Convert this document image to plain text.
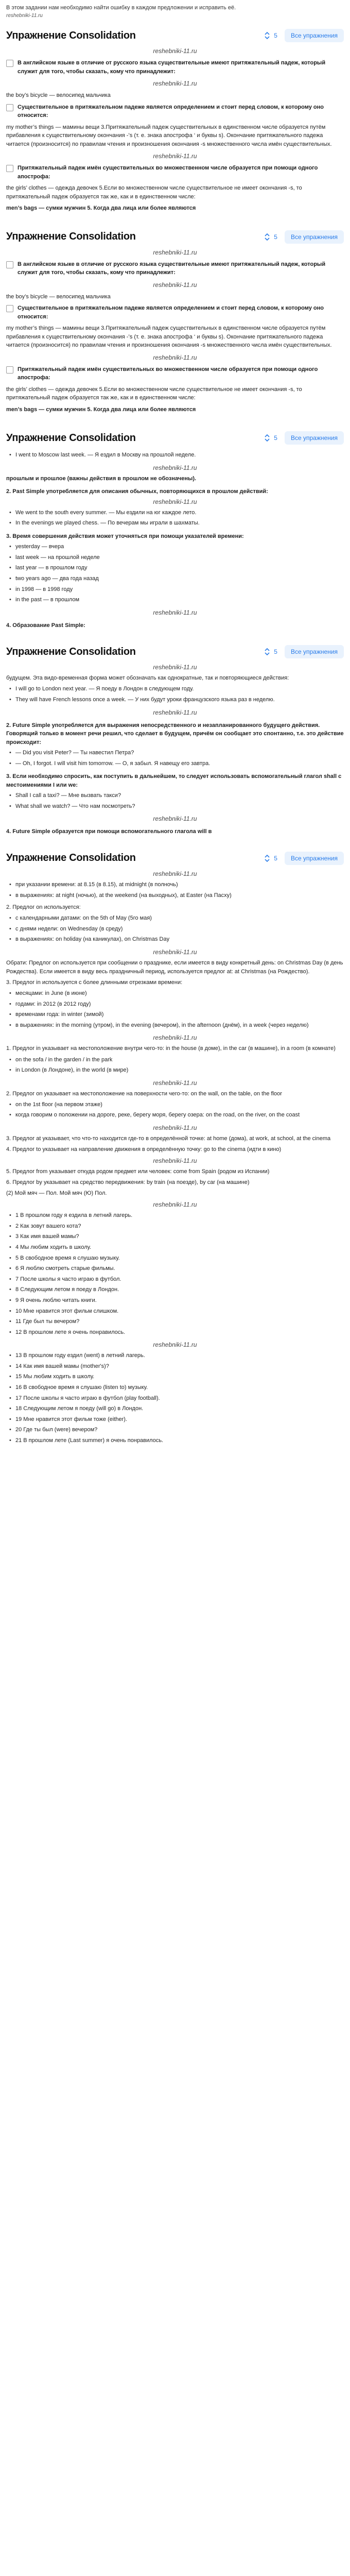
В этом задании нам необходимо найти ошибку в каждом предложении и исправить её.
reshebniki-11.ru
Упражнение Consolidation	5	Все упражнения
reshebniki-11.ru
В английском языке в отличие от русского языка существительные имеют притяжательный падеж, который служит для того, чтобы сказать, кому что принадлежит:
reshebniki-11.ru
the boy’s bicycle — велосипед мальчика
Существительное в притяжательном падеже является определением и стоит перед словом, к которому оно относится:
my mother’s things — мамины вещи 3.Притяжательный падеж существительных в единственном числе образуется путём прибавления к существительному окончания -’s (т. е. знака апострофа ‘ и буквы s). Окончание притяжательного падежа читается (произносится) по правилам чтения и произношения окончания -s множественного числа имён существительных.
reshebniki-11.ru
Притяжательный падеж имён существительных во множественном числе образуется при помощи одного апострофа:
the girls’ clothes — одежда девочек 5.Если во множественном числе существительное не имеет окончания -s, то притяжательный падеж образуется так же, как и в единственном числе:
men’s bags — сумки мужчин 5. Когда два лица или более являются
Упражнение Consolidation	5	Все упражнения
reshebniki-11.ru
В английском языке в отличие от русского языка существительные имеют притяжательный падеж, который служит для того, чтобы сказать, кому что принадлежит:
reshebniki-11.ru
the boy’s bicycle — велосипед мальчика
Существительное в притяжательном падеже является определением и стоит перед словом, к которому оно относится:
my mother’s things — мамины вещи 3.Притяжательный падеж существительных в единственном числе образуется путём прибавления к существительному окончания -’s (т. е. знака апострофа ‘ и буквы s). Окончание притяжательного падежа читается (произносится) по правилам чтения и произношения окончания -s множественного числа имён существительных.
reshebniki-11.ru
Притяжательный падеж имён существительных во множественном числе образуется при помощи одного апострофа:
the girls’ clothes — одежда девочек 5.Если во множественном числе существительное не имеет окончания -s, то притяжательный падеж образуется так же, как и в единственном числе:
men’s bags — сумки мужчин 5. Когда два лица или более являются
Упражнение Consolidation	5	Все упражнения
• I went to Moscow last week. — Я ездил в Москву на прошлой неделе.
reshebniki-11.ru
прошлым и прошлое (важны действия в прошлом не обозначены).
2. Past Simple употребляется для описания обычных, повторяющихся в прошлом действий:
reshebniki-11.ru
• We went to the south every summer. — Мы ездили на юг каждое лето.
• In the evenings we played chess. — По вечерам мы играли в шахматы.
3. Время совершения действия может уточняться при помощи указателей времени:
• yesterday — вчера
• last week — на прошлой неделе
• last year — в прошлом году
• two years ago — два года назад
• in 1998 — в 1998 году
• in the past — в прошлом
reshebniki-11.ru
4. Образование Past Simple:
Упражнение Consolidation	5	Все упражнения
reshebniki-11.ru
будущем. Эта видо-временная форма может обозначать как однократные, так и повторяющиеся действия:
• I will go to London next year. — Я поеду в Лондон в следующем году.
• They will have French lessons once a week. — У них будут уроки французского языка раз в неделю.
reshebniki-11.ru
2. Future Simple употребляется для выражения непосредственного и незапланированного будущего действия. Говорящий только в момент речи решил, что сделает в будущем, причём он сообщает это спонтанно, т.е. это действие происходит:
• — Did you visit Peter? — Ты навестил Петра?
• — Oh, I forgot. I will visit him tomorrow. — О, я забыл. Я навещу его завтра.
3. Если необходимо спросить, как поступить в дальнейшем, то следует использовать вспомогательный глагол shall с местоимениями I или we:
• Shall I call a taxi? — Мне вызвать такси?
• What shall we watch? — Что нам посмотреть?
reshebniki-11.ru
4. Future Simple образуется при помощи вспомогательного глагола will в
Упражнение Consolidation	5	Все упражнения
reshebniki-11.ru
• при указании времени: at 8.15 (в 8.15), at midnight (в полночь)
• в выражениях: at night (ночью), at the weekend (на выходных), at Easter (на Пасху)
2. Предлог on используется:
• с календарными датами: on the 5th of May (5го мая)
• с днями недели: on Wednesday (в среду)
• в выражениях: on holiday (на каникулах), on Christmas Day
reshebniki-11.ru
Обрати: Предлог on используется при сообщении о празднике, если имеется в виду конкретный день: on Christmas Day (в день Рождества). Если имеется в виду весь праздничный период, используется предлог at: at Christmas (на Рождество).
3. Предлог in используется с более длинными отрезками времени:
• месяцами: in June (в июне)
• годами: in 2012 (в 2012 году)
• временами года: in winter (зимой)
• в выражениях: in the morning (утром), in the evening (вечером), in the afternoon (днём), in a week (через неделю)
reshebniki-11.ru
1. Предлог in указывает на местоположение внутри чего-то: in the house (в доме), in the car (в машине), in a room (в комнате)
• on the sofa / in the garden / in the park
• in London (в Лондоне), in the world (в мире)
reshebniki-11.ru
2. Предлог on указывает на местоположение на поверхности чего-то: on the wall, on the table, on the floor
• on the 1st floor (на первом этаже)
• когда говорим о положении на дороге, реке, берегу моря, берегу озера: on the road, on the river, on the coast
reshebniki-11.ru
3. Предлог at указывает, что что-то находится где-то в определённой точке: at home (дома), at work, at school, at the cinema
4. Предлог to указывает на направление движения в определённую точку: go to the cinema (идти в кино)
reshebniki-11.ru
5. Предлог from указывает откуда родом предмет или человек: come from Spain (родом из Испании)
6. Предлог by указывает на средство передвижения: by train (на поезде), by car (на машине)
(2) Мой мяч — Пол. Мой мяч (Ю) Пол.
reshebniki-11.ru
• 1 В прошлом году я ездила в летний лагерь.
• 2 Как зовут вашего кота?
• 3 Как имя вашей мамы?
• 4 Мы любим ходить в школу.
• 5 В свободное время я слушаю музыку.
• 6 Я люблю смотреть старые фильмы.
• 7 После школы я часто играю в футбол.
• 8 Следующим летом я поеду в Лондон.
• 9 Я очень люблю читать книги.
• 10 Мне нравится этот фильм слишком.
• 11 Где был ты вечером?
• 12 В прошлом лете я очень понравилось.
reshebniki-11.ru
• 13 В прошлом году ездил (went) в летний лагерь.
• 14 Как имя вашей мамы (mother's)?
• 15 Мы любим ходить в школу.
• 16 В свободное время я слушаю (listen to) музыку.
• 17 После школы я часто играю в футбол (play football).
• 18 Следующим летом я поеду (will go) в Лондон.
• 19 Мне нравится этот фильм тоже (either).
• 20 Где ты был (were) вечером?
• 21 В прошлом лете (Last summer) я очень понравилось.
